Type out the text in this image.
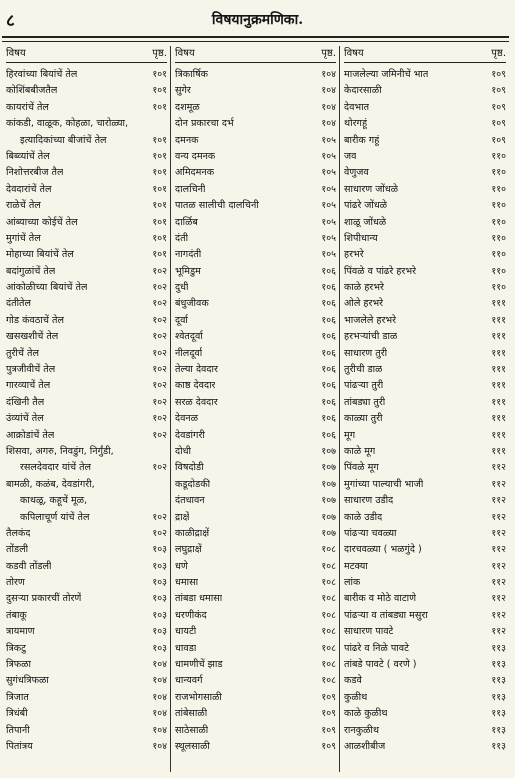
८	विषयानुक्रमणिका.
विषय	पृष्ठ.
हिरवांच्या बियांचें तेल	१०१
कोशिंबबीजतैल	१०१
कायरांचें तेल	१०१
कांकडी, वाळूक, कोहळा, चारोळ्या,
इत्यादिकांच्या बीजांचें तेल	१०१
बिब्व्यांचें तेल	१०१
निशोत्तरबीज तैल	१०१
देवदारांचें तेल	१०१
राळेचें तेल	१०१
आंब्याच्या कोईचें तेल	१०१
मुगांचें तेल	१०१
मोहाच्या बियांचें तेल	१०१
बदांगुळांचें तेल	१०२
आंकोळीच्या बियांचें तेल	१०२
दंतीतेल	१०२
गोड कंवठाचें तेल	१०२
खसखशीचें तेल	१०२
तुरीचें तेल	१०२
पुत्रजीवीचें तेल	१०२
गारव्याचें तेल	१०२
दंखिनी तैल	१०२
उंव्यांचें तेल	१०२
आक्रोडांचें तेल	१०२
शिसवा, अगरु, निवडुंग, निर्गुंडी,
रसलदेवदार यांचें तेल	१०२
बामळी, कळंब, देवडांगरी,
काथळू, कहूचें मूळ,
कपिलाचूर्ण यांचें तेल	१०२
तैलकंद	१०२
तोंडली	१०३
कडवी तोंडली	१०३
तोरण	१०३
दुसऱ्या प्रकारचीं तोरणें	१०३
तंबाकू	१०३
त्रायमाण	१०३
त्रिकटु	१०३
त्रिफळा	१०४
सुगंधत्रिफळा	१०४
त्रिजात	१०४
त्रिधंबी	१०४
तिपानी	१०४
पितांत्रय	१०४
विषय	पृष्ठ.
त्रिकार्षिक	१०४
सुगेर	१०४
दशमूळ	१०४
दोन प्रकारचा दर्भ	१०४
दमनक	१०५
वन्य दमनक	१०५
अमिदमनक	१०५
दालचिनी	१०५
पातळ सालीची दालचिनी	१०५
दार्ळिब	१०५
दंती	१०५
नागदंती	१०५
भूमिडुम	१०६
दुधी	१०६
बंधुजीवक	१०६
दूर्वा	१०६
श्वेतदूर्वा	१०६
नीलदूर्वा	१०६
तेल्या देवदार	१०६
काष्ठ देवदार	१०६
सरळ देवदार	१०६
देवनळ	१०६
देवडांगरी	१०६
दोधी	१०७
विषदोडी	१०७
कडूदोडकी	१०७
दंतधावन	१०७
द्राक्षें	१०७
काळीद्राक्षें	१०७
लघुद्राक्षें	१०८
धणे	१०८
धमासा	१०८
तांबडा धमासा	१०८
धरणीकंद	१०८
धायटी	१०८
धावडा	१०८
धामणीचें झाड	१०८
धान्यवर्ग	१०८
राजभोगसाळी	१०९
तांबेसाळी	१०९
साठेसाळी	१०९
स्थूलसाळी	१०९
विषय	पृष्ठ.
माजलेल्या जमिनीचें भात	१०९
केदारसाळी	१०९
देवभात	१०९
थोरगहूं	१०९
बारीक गहूं	१०९
जव	११०
वेणुजव	११०
साधारण जोंधळे	११०
पांढरे जोंधळे	११०
शाळू जोंधळे	११०
शिपीधान्य	११०
हरभरे	११०
पिंवळे व पांढरे हरभरे	११०
काळे हरभरे	११०
ओले हरभरे	१११
भाजलेले हरभरे	१११
हरभऱ्यांची डाळ	१११
साधारण तुरी	१११
तुरीची डाळ	१११
पांढऱ्या तुरी	१११
तांबड्या तुरी	१११
काळ्या तुरी	१११
मूग	१११
काळे मूग	१११
पिंवळे मूग	११२
मुगांच्या पाल्याची भाजी	११२
साधारण उडीद	११२
काळे उडीद	११२
पांढऱ्या चवळ्या	११२
दारचवळ्या ( भळगुंदे )	११२
मटक्या	११२
लांक	११२
बारीक व मोठे वाटाणे	११२
पांढऱ्या व तांबड्या मसुरा	११२
साधारण पावटे	११२
पांढरे व निळे पावटे	११३
तांबडे पावटे ( वरणे )	११३
कडवे	११३
कुळीथ	११३
काळे कुळीथ	११३
रानकुळीथ	११३
आळशीबीज	११३
